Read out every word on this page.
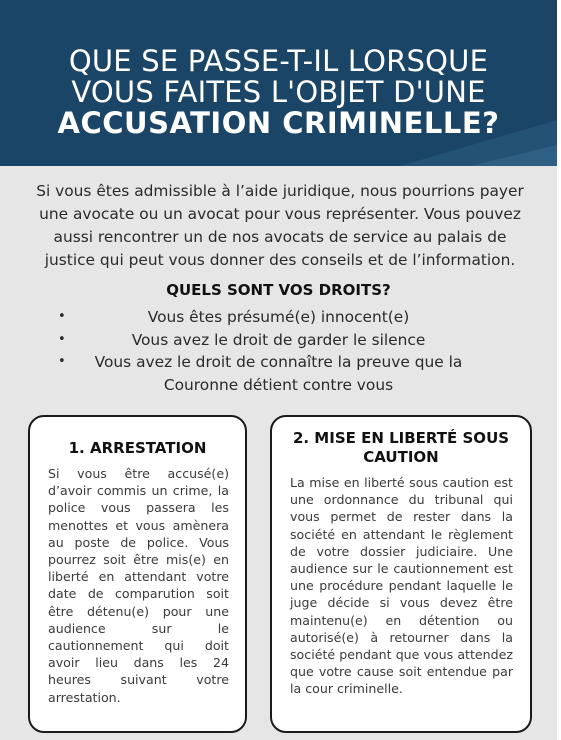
QUE SE PASSE-T-IL LORSQUE
VOUS FAITES L'OBJET D'UNE
ACCUSATION CRIMINELLE?

Si vous êtes admissible à l’aide juridique, nous pourrions payer une avocate ou un avocat pour vous représenter. Vous pouvez aussi rencontrer un de nos avocats de service au palais de justice qui peut vous donner des conseils et de l’information.

QUELS SONT VOS DROITS?
•	Vous êtes présumé(e) innocent(e)
•	Vous avez le droit de garder le silence
• Vous avez le droit de connaître la preuve que la Couronne détient contre vous
1. ARRESTATION

Si vous être accusé(e) d’avoir commis un crime, la police vous passera les menottes et vous amènera au poste de police. Vous pourrez soit être mis(e) en liberté en attendant votre date de comparution soit être détenu(e) pour une audience sur le cautionnement qui doit avoir lieu dans les 24 heures suivant votre arrestation.

2. MISE EN LIBERTÉ SOUS CAUTION

La mise en liberté sous caution est une ordonnance du tribunal qui vous permet de rester dans la société en attendant le règlement de votre dossier judiciaire. Une audience sur le cautionnement est une procédure pendant laquelle le juge décide si vous devez être maintenu(e) en détention ou autorisé(e) à retourner dans la société pendant que vous attendez que votre cause soit entendue par la cour criminelle.
